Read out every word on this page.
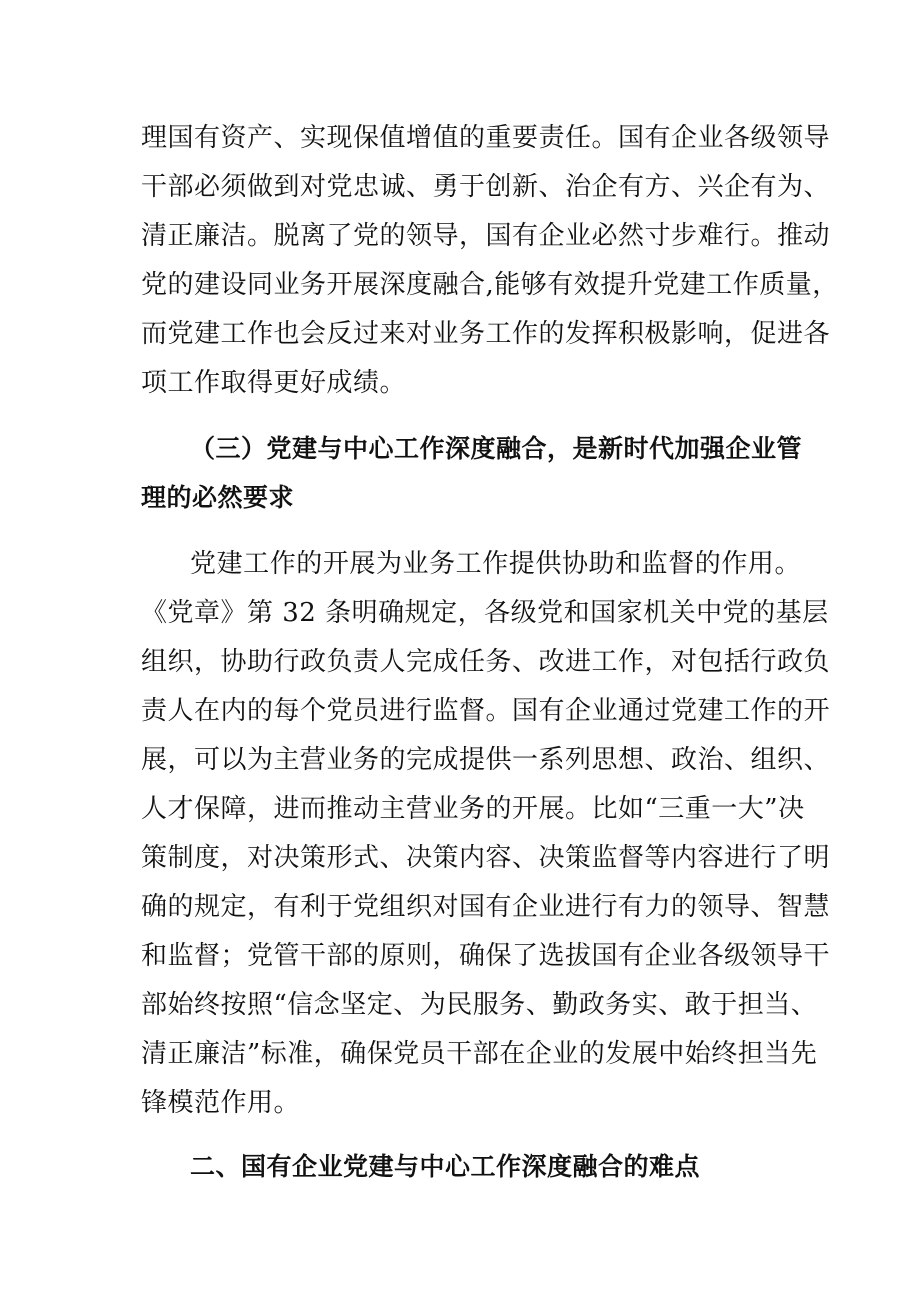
理国有资产、实现保值增值的重要责任。国有企业各级领导
干部必须做到对党忠诚、勇于创新、治企有方、兴企有为、
清正廉洁。脱离了党的领导，国有企业必然寸步难行。推动
党的建设同业务开展深度融合,能够有效提升党建工作质量，
而党建工作也会反过来对业务工作的发挥积极影响，促进各
项工作取得更好成绩。
（三）党建与中心工作深度融合，是新时代加强企业管
理的必然要求
党建工作的开展为业务工作提供协助和监督的作用。
《党章》第 32 条明确规定，各级党和国家机关中党的基层
组织，协助行政负责人完成任务、改进工作，对包括行政负
责人在内的每个党员进行监督。国有企业通过党建工作的开
展，可以为主营业务的完成提供一系列思想、政治、组织、
人才保障，进而推动主营业务的开展。比如“三重一大”决
策制度，对决策形式、决策内容、决策监督等内容进行了明
确的规定，有利于党组织对国有企业进行有力的领导、智慧
和监督；党管干部的原则，确保了选拔国有企业各级领导干
部始终按照“信念坚定、为民服务、勤政务实、敢于担当、
清正廉洁”标准，确保党员干部在企业的发展中始终担当先
锋模范作用。
二、国有企业党建与中心工作深度融合的难点
